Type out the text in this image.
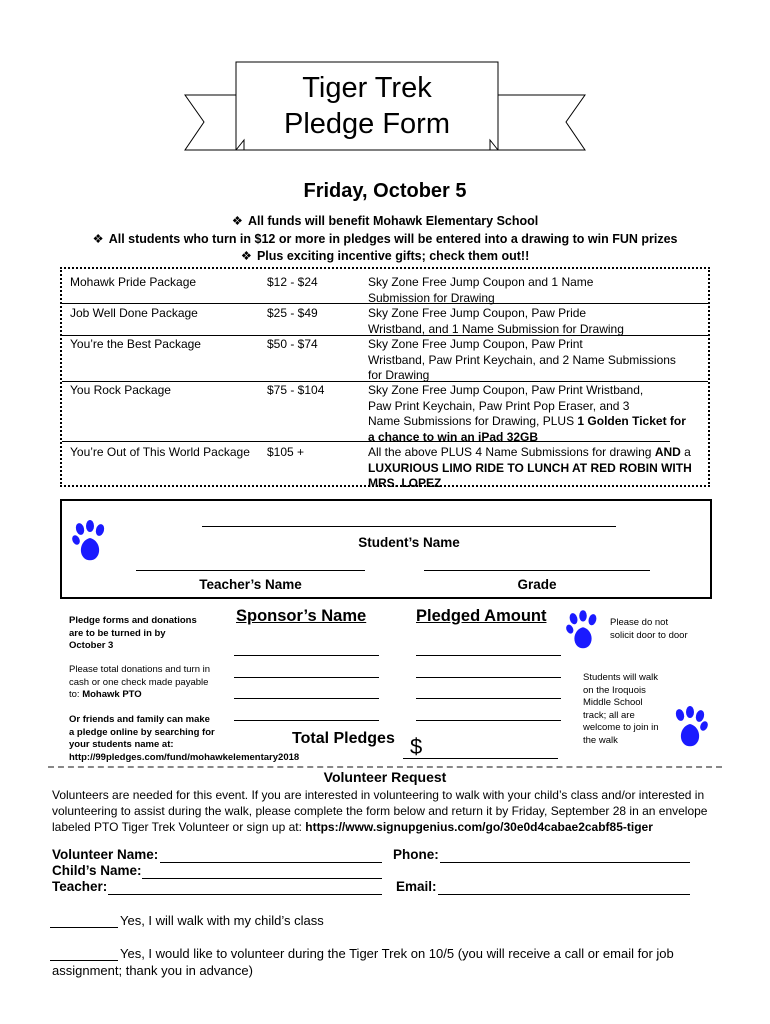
Tiger Trek
Pledge Form
Friday, October 5
❖ All funds will benefit Mohawk Elementary School
❖ All students who turn in $12 or more in pledges will be entered into a drawing to win FUN prizes
❖ Plus exciting incentive gifts; check them out!!
Mohawk Pride Package	$12 - $24	Sky Zone Free Jump Coupon and 1 Name
Submission for Drawing
Job Well Done Package	$25 - $49	Sky Zone Free Jump Coupon, Paw Pride
Wristband, and 1 Name Submission for Drawing
You’re the Best Package	$50 - $74	Sky Zone Free Jump Coupon, Paw Print
Wristband, Paw Print Keychain, and 2 Name Submissions
for Drawing
You Rock Package	$75 - $104	Sky Zone Free Jump Coupon, Paw Print Wristband,
Paw Print Keychain, Paw Print Pop Eraser, and 3
Name Submissions for Drawing, PLUS 1 Golden Ticket for
a chance to win an iPad 32GB
You’re Out of This World Package $105 +	All the above PLUS 4 Name Submissions for drawing AND a
LUXURIOUS LIMO RIDE TO LUNCH AT RED ROBIN WITH
MRS. LOPEZ
Student’s Name
Teacher’s Name	Grade
Pledge forms and donations
are to be turned in by
October 3
Please total donations and turn in
cash or one check made payable
to: Mohawk PTO
Or friends and family can make
a pledge online by searching for
your students name at:
http://99pledges.com/fund/mohawkelementary2018
Sponsor’s Name	Pledged Amount
Total Pledges $
Please do not
solicit door to door
Students will walk
on the Iroquois
Middle School
track; all are
welcome to join in
the walk
Volunteer Request
Volunteers are needed for this event. If you are interested in volunteering to walk with your child’s class and/or interested in
volunteering to assist during the walk, please complete the form below and return it by Friday, September 28 in an envelope
labeled PTO Tiger Trek Volunteer or sign up at: https://www.signupgenius.com/go/30e0d4cabae2cabf85-tiger
Volunteer Name:	Phone:
Child’s Name:
Teacher:	Email:
Yes, I will walk with my child’s class
Yes, I would like to volunteer during the Tiger Trek on 10/5 (you will receive a call or email for job
assignment; thank you in advance)
